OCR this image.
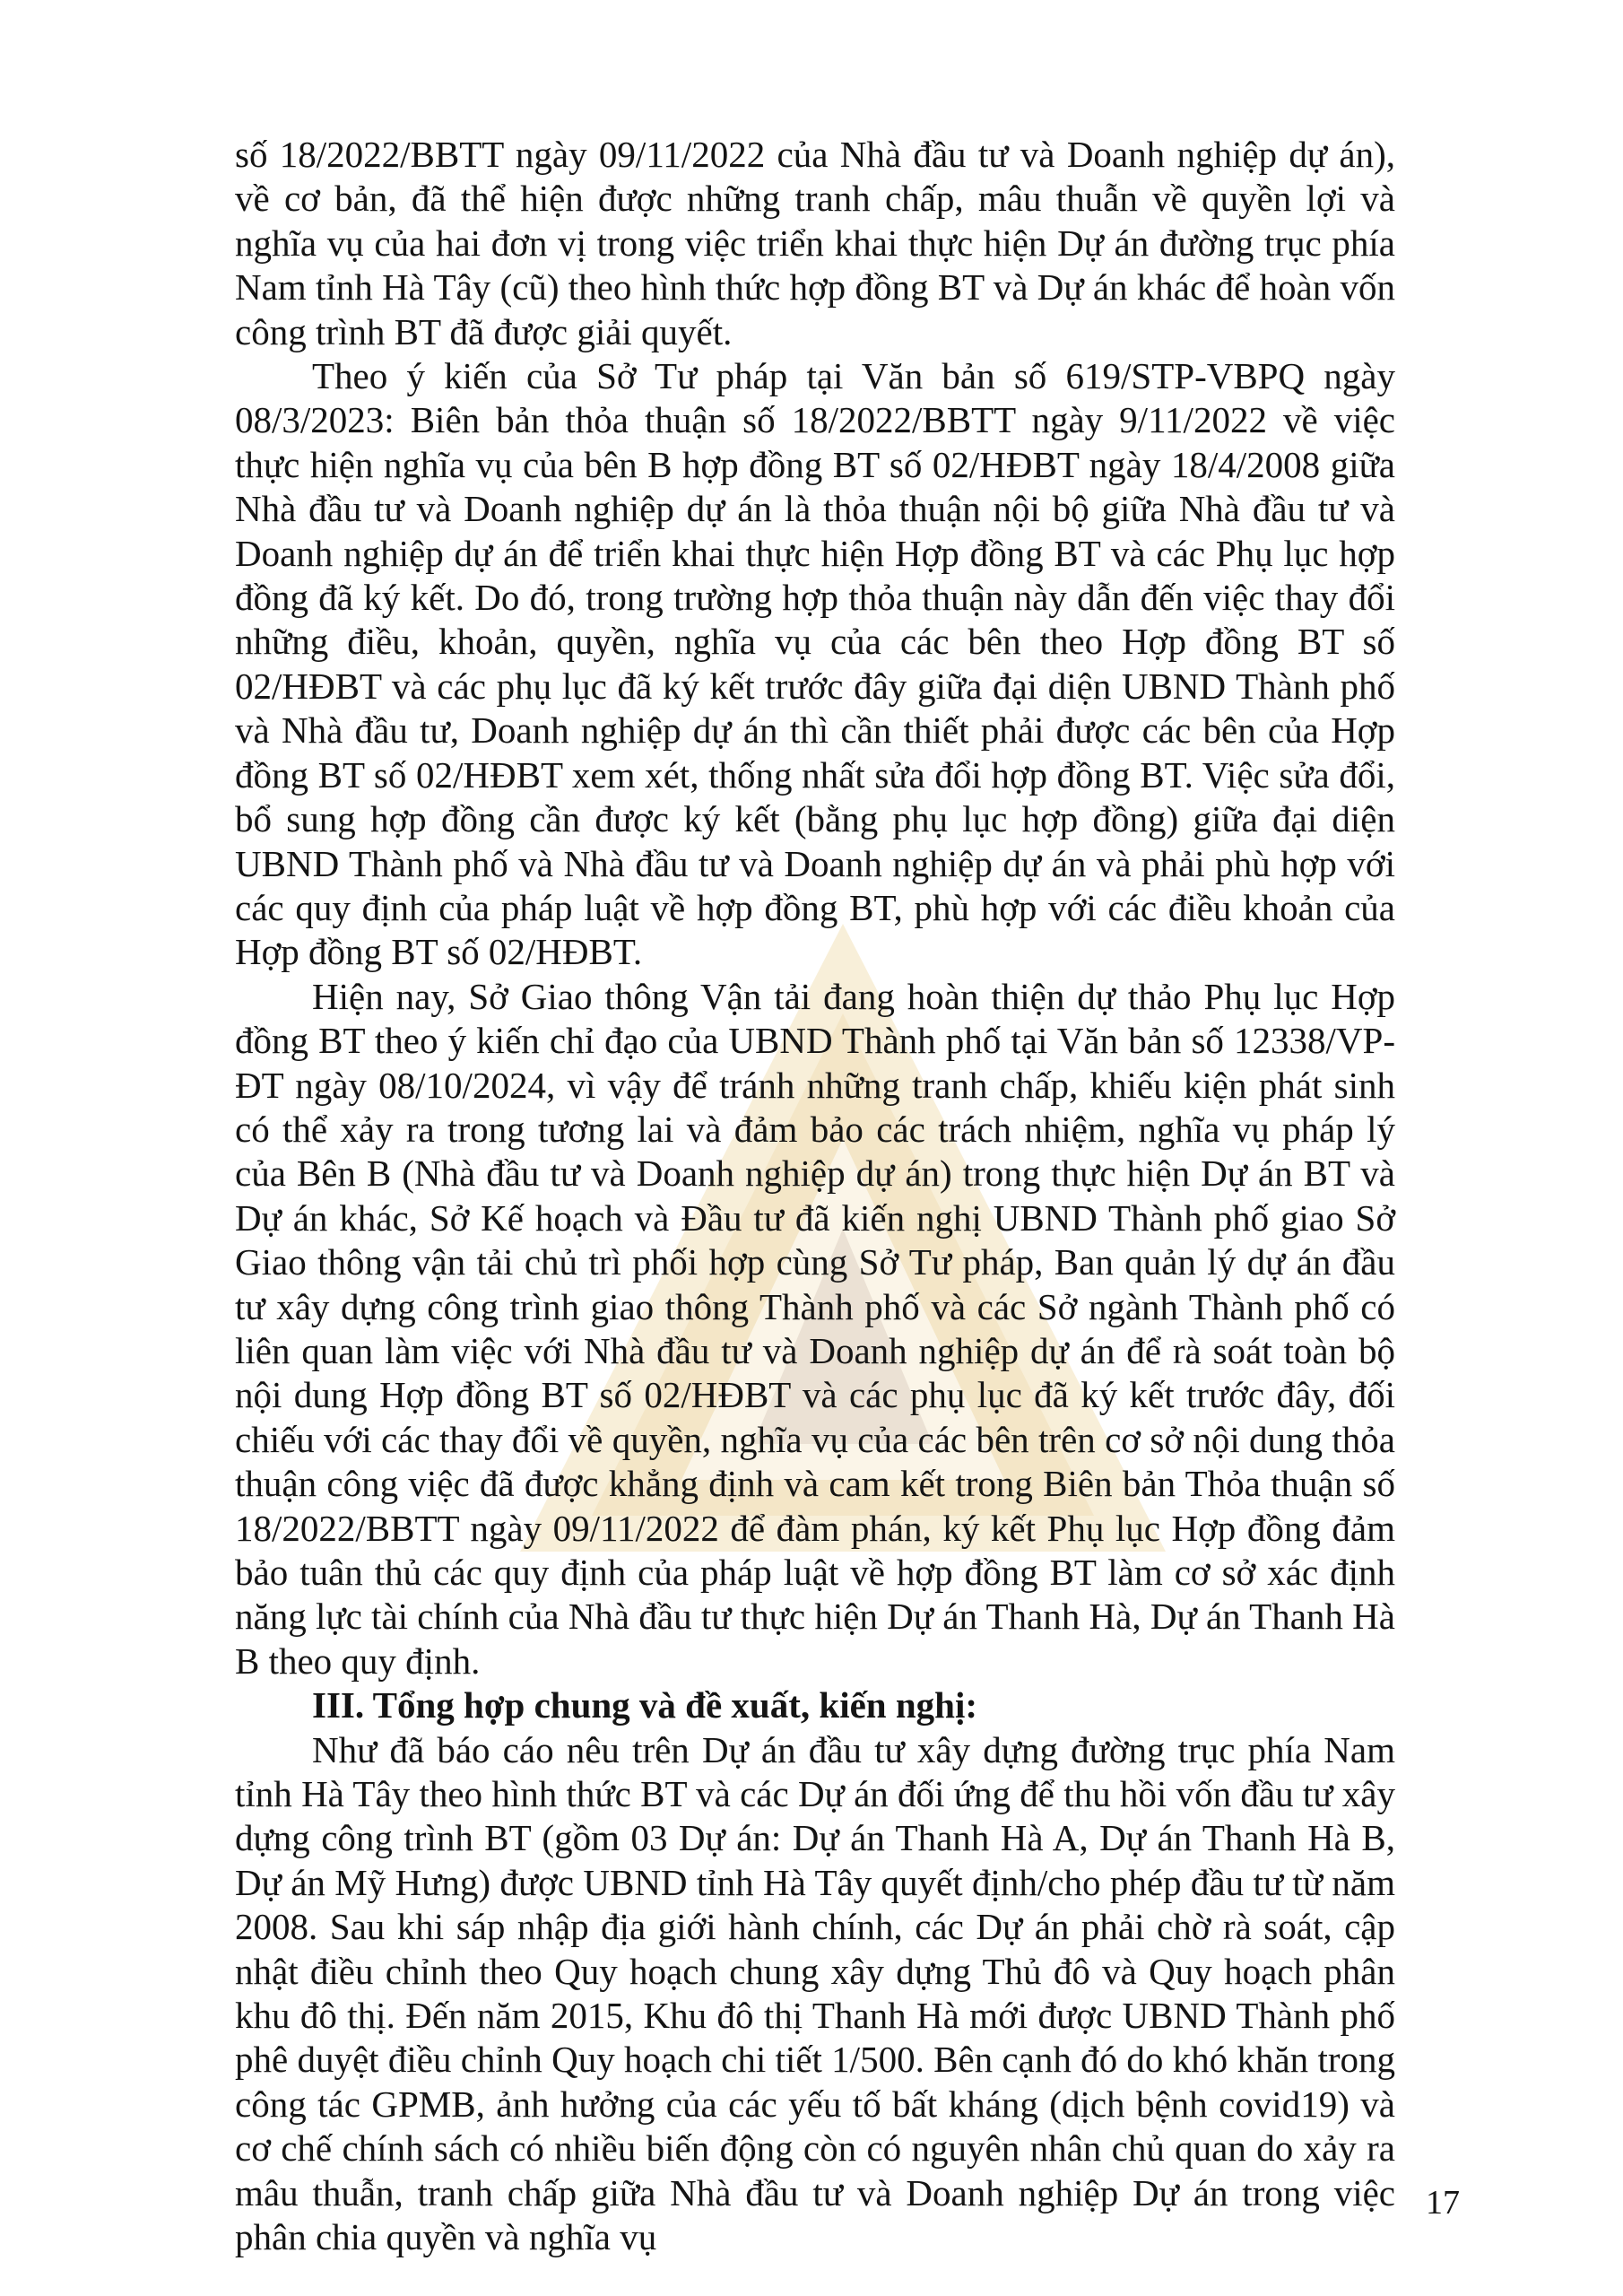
số 18/2022/BBTT ngày 09/11/2022 của Nhà đầu tư và Doanh nghiệp dự án), về cơ bản, đã thể hiện được những tranh chấp, mâu thuẫn về quyền lợi và nghĩa vụ của hai đơn vị trong việc triển khai thực hiện Dự án đường trục phía Nam tỉnh Hà Tây (cũ) theo hình thức hợp đồng BT và Dự án khác để hoàn vốn công trình BT đã được giải quyết.

Theo ý kiến của Sở Tư pháp tại Văn bản số 619/STP-VBPQ ngày 08/3/2023: Biên bản thỏa thuận số 18/2022/BBTT ngày 9/11/2022 về việc thực hiện nghĩa vụ của bên B hợp đồng BT số 02/HĐBT ngày 18/4/2008 giữa Nhà đầu tư và Doanh nghiệp dự án là thỏa thuận nội bộ giữa Nhà đầu tư và Doanh nghiệp dự án để triển khai thực hiện Hợp đồng BT và các Phụ lục hợp đồng đã ký kết. Do đó, trong trường hợp thỏa thuận này dẫn đến việc thay đổi những điều, khoản, quyền, nghĩa vụ của các bên theo Hợp đồng BT số 02/HĐBT và các phụ lục đã ký kết trước đây giữa đại diện UBND Thành phố và Nhà đầu tư, Doanh nghiệp dự án thì cần thiết phải được các bên của Hợp đồng BT số 02/HĐBT xem xét, thống nhất sửa đổi hợp đồng BT. Việc sửa đổi, bổ sung hợp đồng cần được ký kết (bằng phụ lục hợp đồng) giữa đại diện UBND Thành phố và Nhà đầu tư và Doanh nghiệp dự án và phải phù hợp với các quy định của pháp luật về hợp đồng BT, phù hợp với các điều khoản của Hợp đồng BT số 02/HĐBT.

Hiện nay, Sở Giao thông Vận tải đang hoàn thiện dự thảo Phụ lục Hợp đồng BT theo ý kiến chỉ đạo của UBND Thành phố tại Văn bản số 12338/VP-ĐT ngày 08/10/2024, vì vậy để tránh những tranh chấp, khiếu kiện phát sinh có thể xảy ra trong tương lai và đảm bảo các trách nhiệm, nghĩa vụ pháp lý của Bên B (Nhà đầu tư và Doanh nghiệp dự án) trong thực hiện Dự án BT và Dự án khác, Sở Kế hoạch và Đầu tư đã kiến nghị UBND Thành phố giao Sở Giao thông vận tải chủ trì phối hợp cùng Sở Tư pháp, Ban quản lý dự án đầu tư xây dựng công trình giao thông Thành phố và các Sở ngành Thành phố có liên quan làm việc với Nhà đầu tư và Doanh nghiệp dự án để rà soát toàn bộ nội dung Hợp đồng BT số 02/HĐBT và các phụ lục đã ký kết trước đây, đối chiếu với các thay đổi về quyền, nghĩa vụ của các bên trên cơ sở nội dung thỏa thuận công việc đã được khẳng định và cam kết trong Biên bản Thỏa thuận số 18/2022/BBTT ngày 09/11/2022 để đàm phán, ký kết Phụ lục Hợp đồng đảm bảo tuân thủ các quy định của pháp luật về hợp đồng BT làm cơ sở xác định năng lực tài chính của Nhà đầu tư thực hiện Dự án Thanh Hà, Dự án Thanh Hà B theo quy định.

III. Tổng hợp chung và đề xuất, kiến nghị:

Như đã báo cáo nêu trên Dự án đầu tư xây dựng đường trục phía Nam tỉnh Hà Tây theo hình thức BT và các Dự án đối ứng để thu hồi vốn đầu tư xây dựng công trình BT (gồm 03 Dự án: Dự án Thanh Hà A, Dự án Thanh Hà B, Dự án Mỹ Hưng) được UBND tỉnh Hà Tây quyết định/cho phép đầu tư từ năm 2008. Sau khi sáp nhập địa giới hành chính, các Dự án phải chờ rà soát, cập nhật điều chỉnh theo Quy hoạch chung xây dựng Thủ đô và Quy hoạch phân khu đô thị. Đến năm 2015, Khu đô thị Thanh Hà mới được UBND Thành phố phê duyệt điều chỉnh Quy hoạch chi tiết 1/500. Bên cạnh đó do khó khăn trong công tác GPMB, ảnh hưởng của các yếu tố bất kháng (dịch bệnh covid19) và cơ chế chính sách có nhiều biến động còn có nguyên nhân chủ quan do xảy ra mâu thuẫn, tranh chấp giữa Nhà đầu tư và Doanh nghiệp Dự án trong việc phân chia quyền và nghĩa vụ

17
